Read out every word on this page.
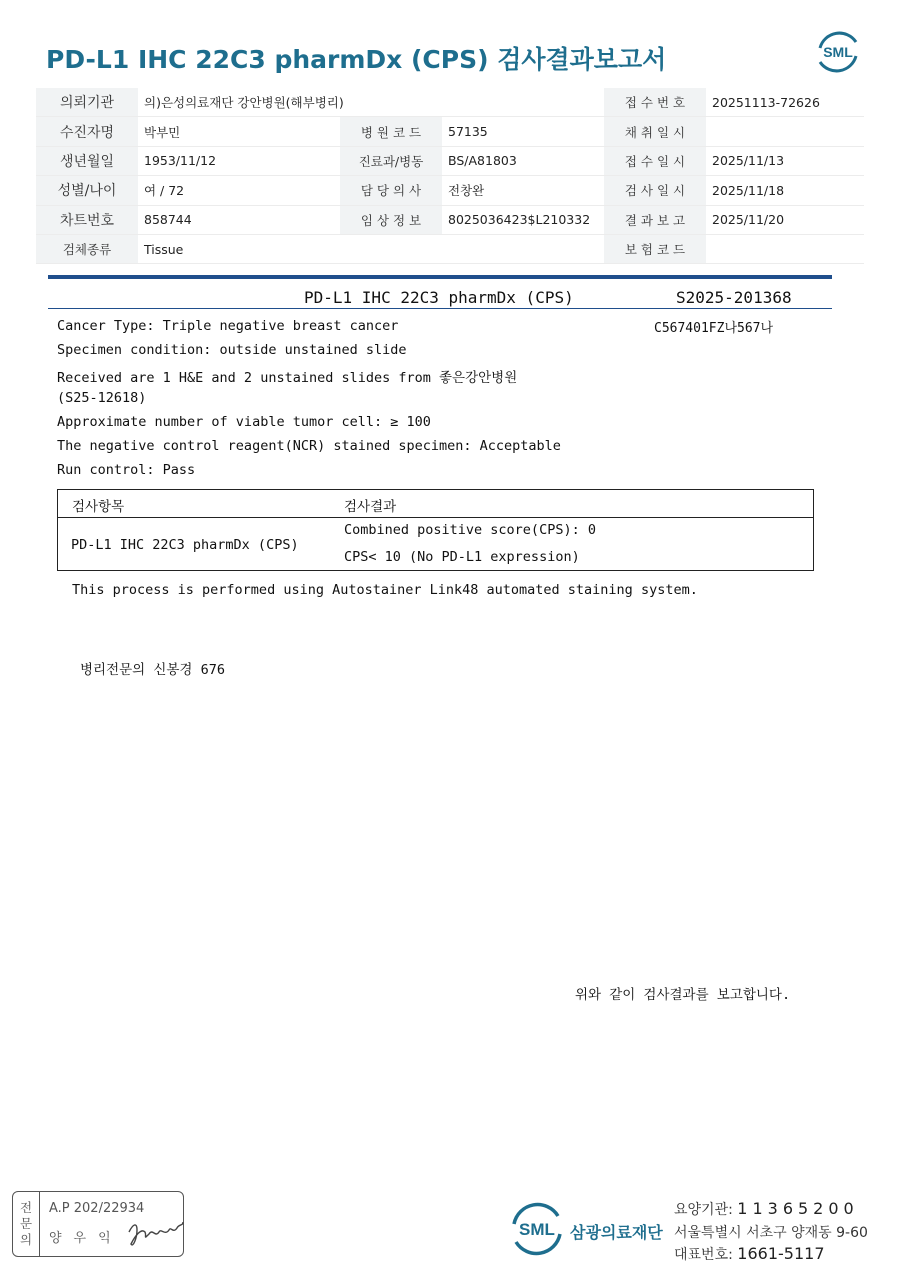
PD-L1 IHC 22C3 pharmDx (CPS) 검사결과보고서	SML
의뢰기관	의)은성의료재단 강안병원(해부병리)			접 수 번 호	20251113-72626
수진자명	박부민	병 원 코 드	57135	채 취 일 시	
생년월일	1953/11/12	진료과/병동	BS/A81803	접 수 일 시	2025/11/13
성별/나이	여 / 72	담 당 의 사	전창완	검 사 일 시	2025/11/18
차트번호	858744	임 상 정 보	8025036423$L210332	결 과 보 고	2025/11/20
검체종류	Tissue			보 험 코 드	
PD-L1 IHC 22C3 pharmDx (CPS)	S2025-201368
C567401FZ나567나
Cancer Type: Triple negative breast cancer
Specimen condition: outside unstained slide
Received are 1 H&E and 2 unstained slides from 좋은강안병원
(S25-12618)
Approximate number of viable tumor cell: ≥ 100
The negative control reagent(NCR) stained specimen: Acceptable
Run control: Pass
검사항목	검사결과
PD-L1 IHC 22C3 pharmDx (CPS)
Combined positive score(CPS): 0
CPS< 10 (No PD-L1 expression)
This process is performed using Autostainer Link48 automated staining system.
병리전문의 신봉경 676
위와 같이 검사결과를 보고합니다.
전
문
의
A.P 202/22934
양우익	SML 삼광의료재단
요양기관: 11365200
서울특별시 서초구 양재동 9-60
대표번호: 1661-5117
